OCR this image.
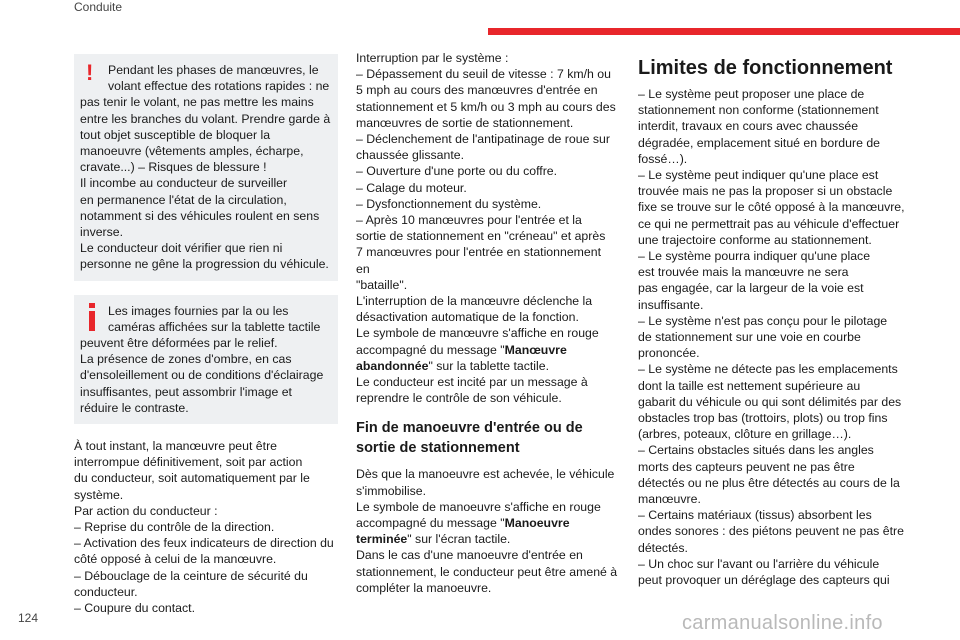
Conduite
!	Pendant les phases de manœuvres, le

volant effectue des rotations rapides : ne

pas tenir le volant, ne pas mettre les mains

entre les branches du volant. Prendre garde à

tout objet susceptible de bloquer la

manoeuvre (vêtements amples, écharpe,

cravate...) – Risques de blessure !

Il incombe au conducteur de surveiller

en permanence l'état de la circulation,

notamment si des véhicules roulent en sens

inverse.

Le conducteur doit vérifier que rien ni

personne ne gêne la progression du véhicule.

Les images fournies par la ou les

caméras affichées sur la tablette tactile

peuvent être déformées par le relief.

La présence de zones d'ombre, en cas

d'ensoleillement ou de conditions d'éclairage

insuffisantes, peut assombrir l'image et

réduire le contraste.

À tout instant, la manœuvre peut être

interrompue définitivement, soit par action

du conducteur, soit automatiquement par le

système.

Par action du conducteur :

– Reprise du contrôle de la direction.

– Activation des feux indicateurs de direction du

côté opposé à celui de la manœuvre.

– Débouclage de la ceinture de sécurité du

conducteur.

– Coupure du contact.

Interruption par le système :

– Dépassement du seuil de vitesse : 7 km/h ou

5 mph au cours des manœuvres d'entrée en

stationnement et 5 km/h ou 3 mph au cours des

manœuvres de sortie de stationnement.

– Déclenchement de l'antipatinage de roue sur

chaussée glissante.

– Ouverture d'une porte ou du coffre.

– Calage du moteur.

– Dysfonctionnement du système.

– Après 10 manœuvres pour l'entrée et la

sortie de stationnement en "créneau" et après

7 manœuvres pour l'entrée en stationnement en

"bataille".

L'interruption de la manœuvre déclenche la

désactivation automatique de la fonction.

Le symbole de manœuvre s'affiche en rouge

accompagné du message "Manœuvre

abandonnée" sur la tablette tactile.

Le conducteur est incité par un message à

reprendre le contrôle de son véhicule.

Fin de manoeuvre d'entrée ou de sortie de stationnement

Dès que la manoeuvre est achevée, le véhicule

s'immobilise.

Le symbole de manoeuvre s'affiche en rouge

accompagné du message "Manoeuvre

terminée" sur l'écran tactile.

Dans le cas d'une manoeuvre d'entrée en

stationnement, le conducteur peut être amené à

compléter la manoeuvre.

Limites de fonctionnement

– Le système peut proposer une place de

stationnement non conforme (stationnement

interdit, travaux en cours avec chaussée

dégradée, emplacement situé en bordure de

fossé…).

– Le système peut indiquer qu'une place est

trouvée mais ne pas la proposer si un obstacle

fixe se trouve sur le côté opposé à la manœuvre,

ce qui ne permettrait pas au véhicule d'effectuer

une trajectoire conforme au stationnement.

– Le système pourra indiquer qu'une place

est trouvée mais la manœuvre ne sera

pas engagée, car la largeur de la voie est

insuffisante.

– Le système n'est pas conçu pour le pilotage

de stationnement sur une voie en courbe

prononcée.

– Le système ne détecte pas les emplacements

dont la taille est nettement supérieure au

gabarit du véhicule ou qui sont délimités par des

obstacles trop bas (trottoirs, plots) ou trop fins

(arbres, poteaux, clôture en grillage…).

– Certains obstacles situés dans les angles

morts des capteurs peuvent ne pas être

détectés ou ne plus être détectés au cours de la

manœuvre.

– Certains matériaux (tissus) absorbent les

ondes sonores : des piétons peuvent ne pas être

détectés.

– Un choc sur l'avant ou l'arrière du véhicule

peut provoquer un déréglage des capteurs qui

124	carmanualsonline.info
